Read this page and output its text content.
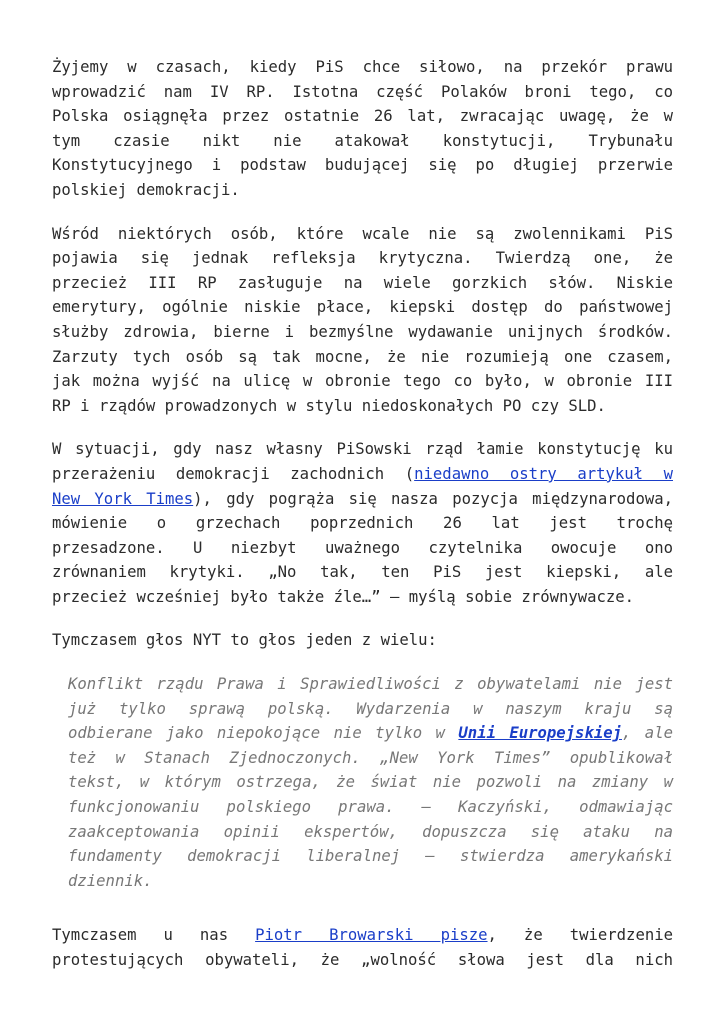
Żyjemy w czasach, kiedy PiS chce siłowo, na przekór prawu
wprowadzić nam IV RP. Istotna część Polaków broni tego, co
Polska osiągnęła przez ostatnie 26 lat, zwracając uwagę, że w
tym czasie nikt nie atakował konstytucji, Trybunału
Konstytucyjnego i podstaw budującej się po długiej przerwie
polskiej demokracji.

Wśród niektórych osób, które wcale nie są zwolennikami PiS
pojawia się jednak refleksja krytyczna. Twierdzą one, że
przecież III RP zasługuje na wiele gorzkich słów. Niskie
emerytury, ogólnie niskie płace, kiepski dostęp do państwowej
służby zdrowia, bierne i bezmyślne wydawanie unijnych środków.
Zarzuty tych osób są tak mocne, że nie rozumieją one czasem,
jak można wyjść na ulicę w obronie tego co było, w obronie III
RP i rządów prowadzonych w stylu niedoskonałych PO czy SLD.

W sytuacji, gdy nasz własny PiSowski rząd łamie konstytucję ku
przerażeniu demokracji zachodnich (niedawno ostry artykuł w
New York Times), gdy pogrąża się nasza pozycja międzynarodowa,
mówienie o grzechach poprzednich 26 lat jest trochę
przesadzone. U niezbyt uważnego czytelnika owocuje ono
zrównaniem krytyki. „No tak, ten PiS jest kiepski, ale
przecież wcześniej było także źle…” – myślą sobie zrównywacze.

Tymczasem głos NYT to głos jeden z wielu:

Konflikt rządu Prawa i Sprawiedliwości z obywatelami nie jest
już tylko sprawą polską. Wydarzenia w naszym kraju są
odbierane jako niepokojące nie tylko w Unii Europejskiej, ale
też w Stanach Zjednoczonych. „New York Times” opublikował
tekst, w którym ostrzega, że świat nie pozwoli na zmiany w
funkcjonowaniu polskiego prawa. – Kaczyński, odmawiając
zaakceptowania opinii ekspertów, dopuszcza się ataku na
fundamenty demokracji liberalnej – stwierdza amerykański
dziennik.

Tymczasem u nas Piotr Browarski pisze, że twierdzenie
protestujących obywateli, że „wolność słowa jest dla nich
